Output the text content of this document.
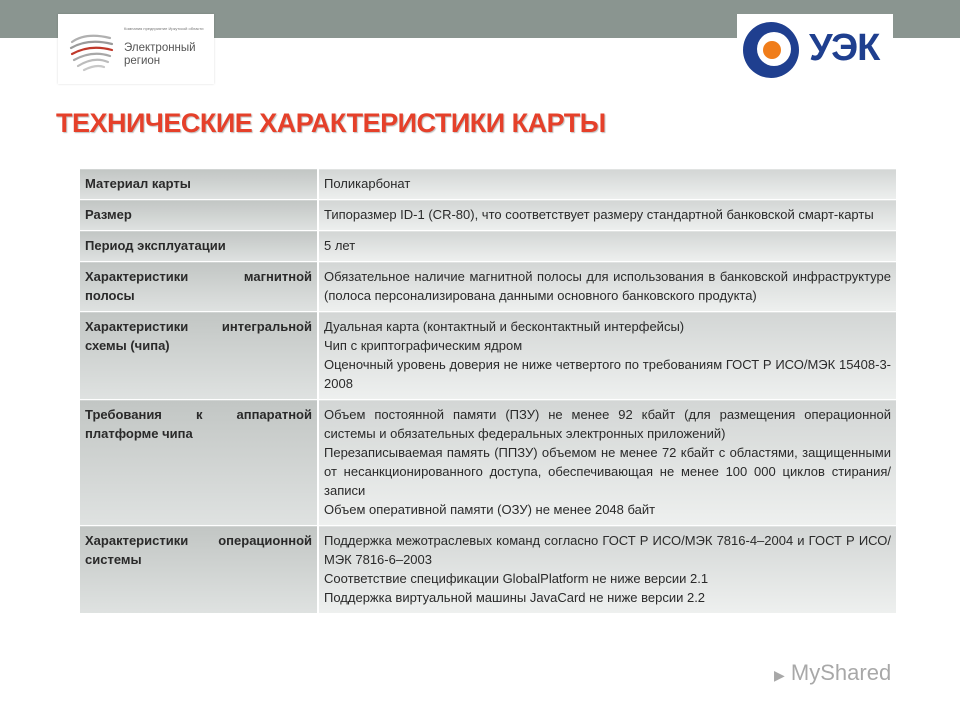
Компания предприятие Иркутской области
Электронный
регион	УЭК
ТЕХНИЧЕСКИЕ ХАРАКТЕРИСТИКИ КАРТЫ
Материал карты	Поликарбонат

Размер	Типоразмер ID-1 (CR-80), что соответствует размеру стандартной банковской смарт-карты

Период эксплуатации	5 лет

Характеристики магнитной полосы	Обязательное наличие магнитной полосы для использования в банковской инфраструктуре (полоса персонализирована данными основного банковского продукта)

Характеристики интегральной схемы (чипа)	Дуальная карта (контактный и бесконтактный интерфейсы)
Чип с криптографическим ядром
Оценочный уровень доверия не ниже четвертого по требованиям ГОСТ Р ИСО/МЭК 15408-3-2008

Требования к аппаратной платформе чипа	Объем постоянной памяти (ПЗУ) не менее 92 кбайт (для размещения операционной системы и обязательных федеральных электронных приложений)
Перезаписываемая память (ППЗУ) объемом не менее 72 кбайт с областями, защищенными от несанкционированного доступа, обеспечивающая не менее 100 000 циклов стирания/записи
Объем оперативной памяти (ОЗУ) не менее 2048 байт

Характеристики операционной системы	Поддержка межотраслевых команд согласно ГОСТ Р ИСО/МЭК 7816-4–2004 и ГОСТ Р ИСО/МЭК 7816-6–2003
Соответствие спецификации GlobalPlatform не ниже версии 2.1
Поддержка виртуальной машины JavaCard не ниже версии 2.2
▶ MyShared
